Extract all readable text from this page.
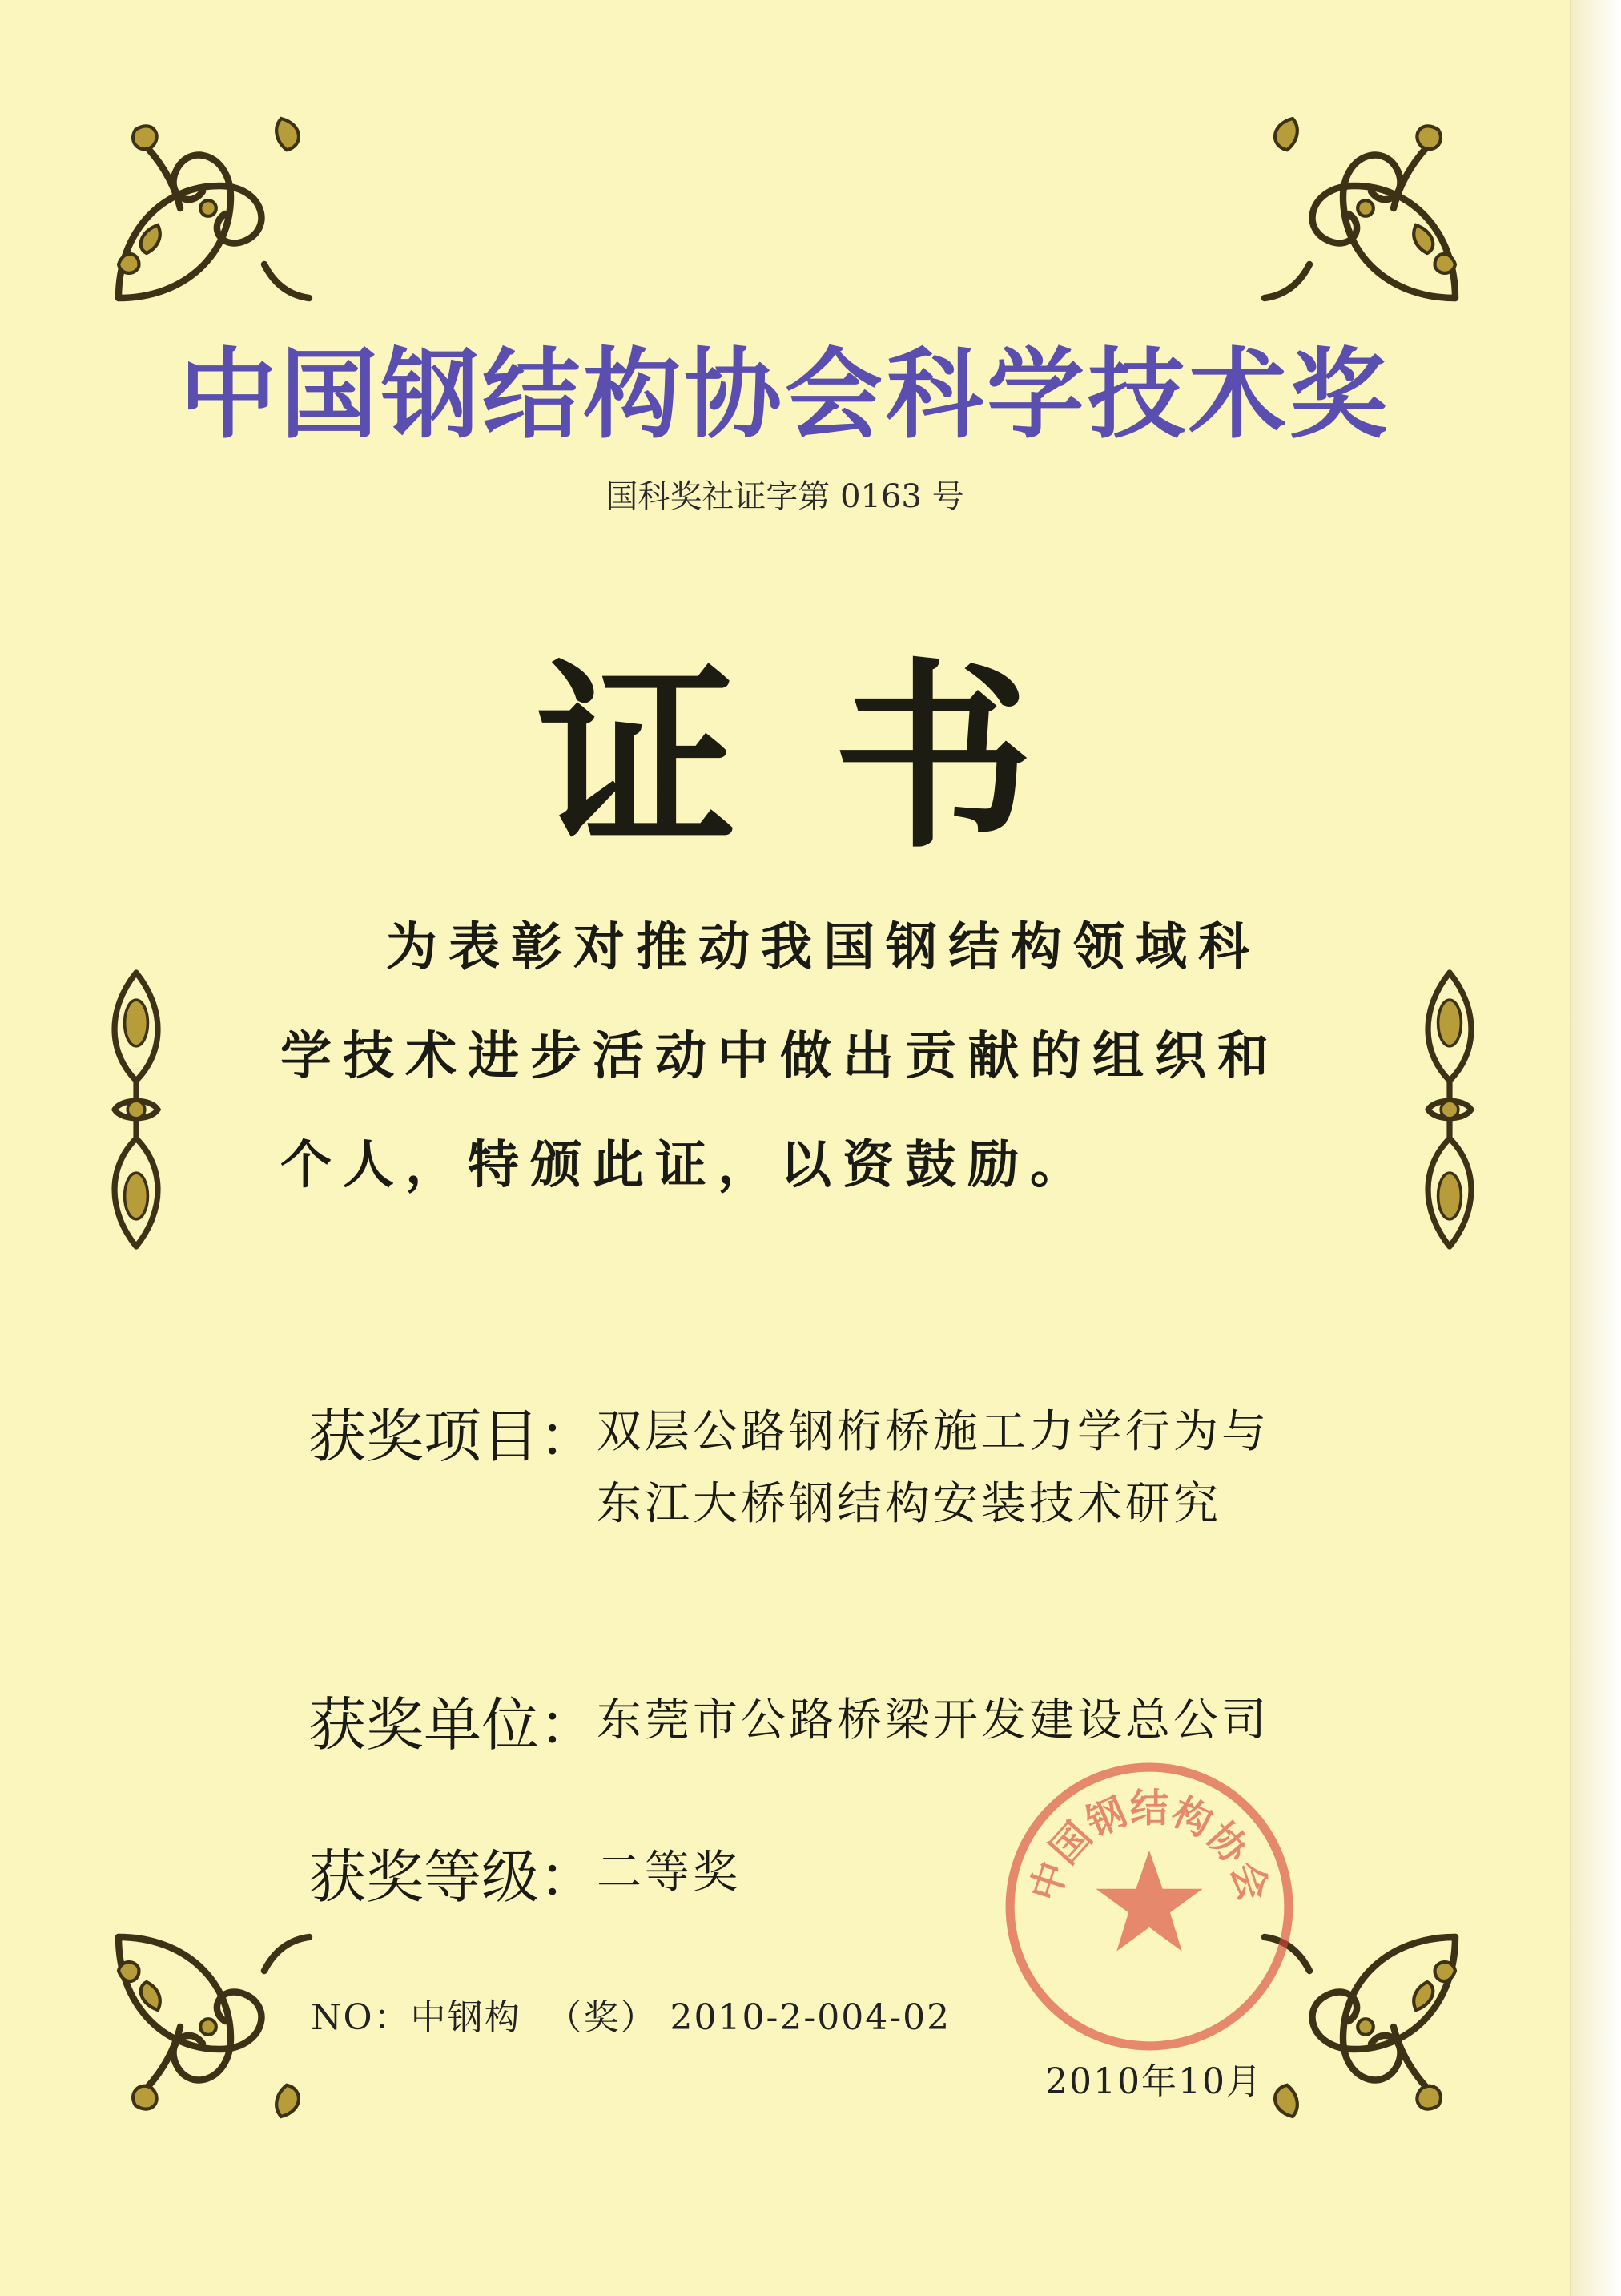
中国钢结构协会科学技术奖
国科奖社证字第 0163 号
证书
为表彰对推动我国钢结构领域科学技术进步活动中做出贡献的组织和个人，特颁此证，以资鼓励。
获奖项目： 双层公路钢桁桥施工力学行为与东江大桥钢结构安装技术研究
获奖单位： 东莞市公路桥梁开发建设总公司
获奖等级： 二等奖	中国钢结构协会
NO：中钢构  （奖） 2010-2-004-02
2010年10月
